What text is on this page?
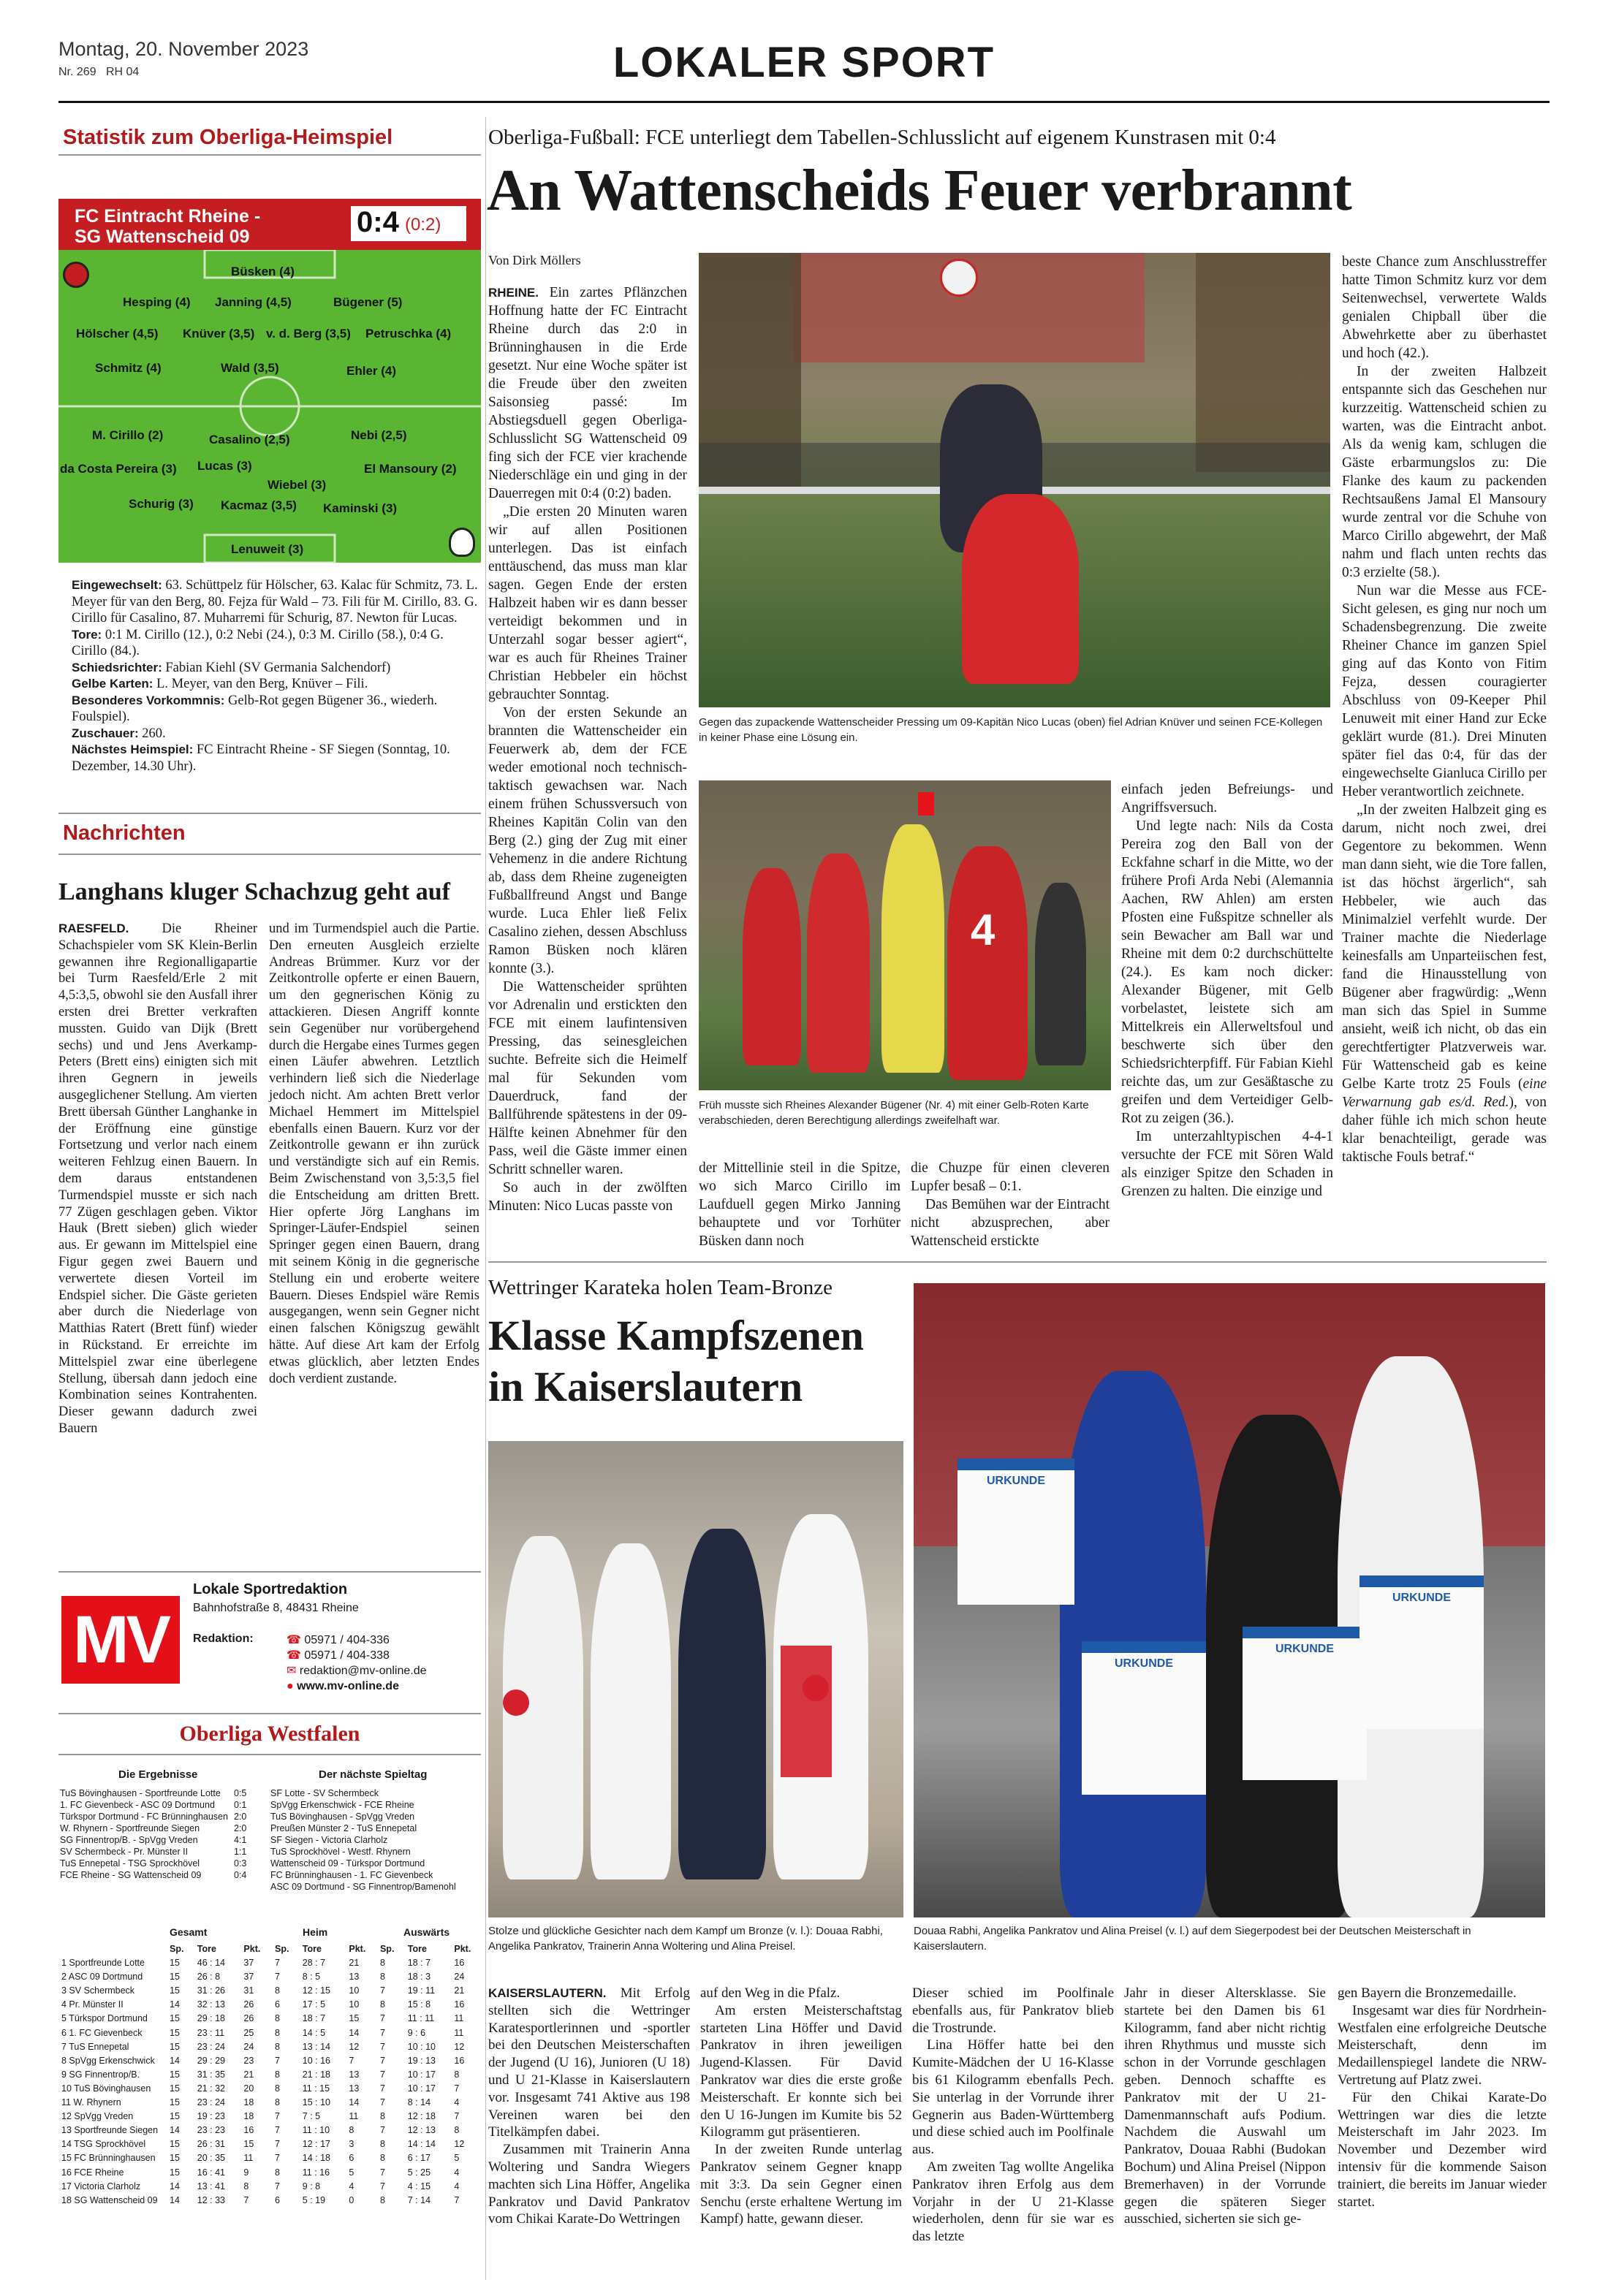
Montag, 20. November 2023
Nr. 269 RH 04	LOKALER SPORT
Statistik zum Oberliga-Heimspiel
FC Eintracht Rheine -
SG Wattenscheid 09	0:4 (0:2)
Büsken (4)
Hesping (4) Janning (4,5)	Bügener (5)
Hölscher (4,5) Knüver (3,5) v. d. Berg (3,5) Petruschka (4)
Schmitz (4)	Wald (3,5)	Ehler (4)
M. Cirillo (2)	Casalino (2,5)	Nebi (2,5)
da Costa Pereira (3) Lucas (3)	El Mansoury (2)
Wiebel (3)
Schurig (3) Kacmaz (3,5) Kaminski (3)
Lenuweit (3)
Eingewechselt: 63. Schüttpelz für Hölscher, 63. Kalac für Schmitz, 73. L. Meyer für van den Berg, 80. Fejza für Wald – 73. Fili für M. Cirillo, 83. G. Cirillo für Casalino, 87. Muharremi für Schurig, 87. Newton für Lucas.
Tore: 0:1 M. Cirillo (12.), 0:2 Nebi (24.), 0:3 M. Cirillo (58.), 0:4 G. Cirillo (84.).
Schiedsrichter: Fabian Kiehl (SV Germania Salchendorf)
Gelbe Karten: L. Meyer, van den Berg, Knüver – Fili.
Besonderes Vorkommnis: Gelb-Rot gegen Bügener 36., wiederh. Foulspiel).
Zuschauer: 260.
Nächstes Heimspiel: FC Eintracht Rheine - SF Siegen (Sonntag, 10. Dezember, 14.30 Uhr).
Nachrichten
Langhans kluger Schachzug geht auf
RAESFELD. Die Rheiner Schachspieler vom SK Klein-Berlin gewannen ihre Regionalligapartie bei Turm Raesfeld/Erle 2 mit 4,5:3,5, obwohl sie den Ausfall ihrer ersten drei Bretter verkraften mussten. Guido van Dijk (Brett sechs) und und Jens Averkamp-Peters (Brett eins) einigten sich mit ihren Gegnern in jeweils ausgeglichener Stellung. Am vierten Brett übersah Günther Langhanke in der Eröffnung eine günstige Fortsetzung und verlor nach einem weiteren Fehlzug einen Bauern. In dem daraus entstandenen Turmendspiel musste er sich nach 77 Zügen geschlagen geben. Viktor Hauk (Brett sieben) glich wieder aus. Er gewann im Mittelspiel eine Figur gegen zwei Bauern und verwertete diesen Vorteil im Endspiel sicher. Die Gäste gerieten aber durch die Niederlage von Matthias Ratert (Brett fünf) wieder in Rückstand. Er erreichte im Mittelspiel zwar eine überlegene Stellung, übersah dann jedoch eine Kombination seines Kontrahenten. Dieser gewann dadurch zwei Bauern
und im Turmendspiel auch die Partie. Den erneuten Ausgleich erzielte Andreas Brümmer. Kurz vor der Zeitkontrolle opferte er einen Bauern, um den gegnerischen König zu attackieren. Diesen Angriff konnte sein Gegenüber nur vorübergehend durch die Hergabe eines Turmes gegen einen Läufer abwehren. Letztlich verhindern ließ sich die Niederlage jedoch nicht. Am achten Brett verlor Michael Hemmert im Mittelspiel ebenfalls einen Bauern. Kurz vor der Zeitkontrolle gewann er ihn zurück und verständigte sich auf ein Remis. Beim Zwischenstand von 3,5:3,5 fiel die Entscheidung am dritten Brett. Hier opferte Jörg Langhans im Springer-Läufer-Endspiel seinen Springer gegen einen Bauern, drang mit seinem König in die gegnerische Stellung ein und eroberte weitere Bauern. Dieses Endspiel wäre Remis ausgegangen, wenn sein Gegner nicht einen falschen Königszug gewählt hätte. Auf diese Art kam der Erfolg etwas glücklich, aber letzten Endes doch verdient zustande.
MV
Lokale Sportredaktion
Bahnhofstraße 8, 48431 Rheine
Redaktion:	☎ 05971 / 404-336
☎ 05971 / 404-338
✉ redaktion@mv-online.de
● www.mv-online.de
Oberliga Westfalen
Die Ergebnisse	Der nächste Spieltag
TuS Bövinghausen - Sportfreunde Lotte	0:5
1. FC Gievenbeck - ASC 09 Dortmund	0:1
Türkspor Dortmund - FC Brünninghausen	2:0
W. Rhynern - Sportfreunde Siegen	2:0
SG Finnentrop/B. - SpVgg Vreden	4:1
SV Schermbeck - Pr. Münster II	1:1
TuS Ennepetal - TSG Sprockhövel	0:3
FCE Rheine - SG Wattenscheid 09	0:4
SF Lotte - SV Schermbeck	
SpVgg Erkenschwick - FCE Rheine	
TuS Bövinghausen - SpVgg Vreden	
Preußen Münster 2 - TuS Ennepetal	
SF Siegen - Victoria Clarholz	
TuS Sprockhövel - Westf. Rhynern	
Wattenscheid 09 - Türkspor Dortmund	
FC Brünninghausen - 1. FC Gievenbeck	
ASC 09 Dortmund - SG Finnentrop/Bamenohl	
Gesamt	Heim	Auswärts
	Sp.	Tore	Pkt.	Sp.	Tore	Pkt.	Sp.	Tore	Pkt.
1 Sportfreunde Lotte	15	46 : 14	37	7	28 : 7	21	8	18 : 7	16
2 ASC 09 Dortmund	15	26 : 8	37	7	8 : 5	13	8	18 : 3	24
3 SV Schermbeck	15	31 : 26	31	8	12 : 15	10	7	19 : 11	21
4 Pr. Münster II	14	32 : 13	26	6	17 : 5	10	8	15 : 8	16
5 Türkspor Dortmund	15	29 : 18	26	8	18 : 7	15	7	11 : 11	11
6 1. FC Gievenbeck	15	23 : 11	25	8	14 : 5	14	7	9 : 6	11
7 TuS Ennepetal	15	23 : 24	24	8	13 : 14	12	7	10 : 10	12
8 SpVgg Erkenschwick	14	29 : 29	23	7	10 : 16	7	7	19 : 13	16
9 SG Finnentrop/B.	15	31 : 35	21	8	21 : 18	13	7	10 : 17	8
10 TuS Bövinghausen	15	21 : 32	20	8	11 : 15	13	7	10 : 17	7
11 W. Rhynern	15	23 : 24	18	8	15 : 10	14	7	8 : 14	4
12 SpVgg Vreden	15	19 : 23	18	7	7 : 5	11	8	12 : 18	7
13 Sportfreunde Siegen	14	23 : 23	16	7	11 : 10	8	7	12 : 13	8
14 TSG Sprockhövel	15	26 : 31	15	7	12 : 17	3	8	14 : 14	12
15 FC Brünninghausen	15	20 : 35	11	7	14 : 18	6	8	6 : 17	5
16 FCE Rheine	15	16 : 41	9	8	11 : 16	5	7	5 : 25	4
17 Victoria Clarholz	14	13 : 41	8	7	9 : 8	4	7	4 : 15	4
18 SG Wattenscheid 09	14	12 : 33	7	6	5 : 19	0	8	7 : 14	7
Oberliga-Fußball: FCE unterliegt dem Tabellen-Schlusslicht auf eigenem Kunstrasen mit 0:4
An Wattenscheids Feuer verbrannt
Von Dirk Möllers

RHEINE. Ein zartes Pflänzchen Hoffnung hatte der FC Eintracht Rheine durch das 2:0 in Brünninghausen in die Erde gesetzt. Nur eine Woche später ist die Freude über den zweiten Saisonsieg passé: Im Abstiegsduell gegen Oberliga-Schlusslicht SG Wattenscheid 09 fing sich der FCE vier krachende Niederschläge ein und ging in der Dauerregen mit 0:4 (0:2) baden.

„Die ersten 20 Minuten waren wir auf allen Positionen unterlegen. Das ist einfach enttäuschend, das muss man klar sagen. Gegen Ende der ersten Halbzeit haben wir es dann besser verteidigt bekommen und in Unterzahl sogar besser agiert“, war es auch für Rheines Trainer Christian Hebbeler ein höchst gebrauchter Sonntag.

Von der ersten Sekunde an brannten die Wattenscheider ein Feuerwerk ab, dem der FCE weder emotional noch technisch-taktisch gewachsen war. Nach einem frühen Schussversuch von Rheines Kapitän Colin van den Berg (2.) ging der Zug mit einer Vehemenz in die andere Richtung ab, dass dem Rheine zugeneigten Fußballfreund Angst und Bange wurde. Luca Ehler ließ Felix Casalino ziehen, dessen Abschluss Ramon Büsken noch klären konnte (3.).

Die Wattenscheider sprühten vor Adrenalin und erstickten den FCE mit einem laufintensiven Pressing, das seinesgleichen suchte. Befreite sich die Heimelf mal für Sekunden vom Dauerdruck, fand der Ballführende spätestens in der 09-Hälfte keinen Abnehmer für den Pass, weil die Gäste immer einen Schritt schneller waren.

So auch in der zwölften Minuten: Nico Lucas passte von

Gegen das zupackende Wattenscheider Pressing um 09-Kapitän Nico Lucas (oben) fiel Adrian Knüver und seinen FCE-Kollegen in keiner Phase eine Lösung ein.
4
Früh musste sich Rheines Alexander Bügener (Nr. 4) mit einer Gelb-Roten Karte verabschieden, deren Berechtigung allerdings zweifelhaft war.

der Mittellinie steil in die Spitze, wo sich Marco Cirillo im Laufduell gegen Mirko Janning behauptete und vor Torhüter Büsken dann noch

die Chuzpe für einen cleveren Lupfer besaß – 0:1.

Das Bemühen war der Eintracht nicht abzusprechen, aber Wattenscheid erstickte

einfach jeden Befreiungs- und Angriffsversuch.

Und legte nach: Nils da Costa Pereira zog den Ball von der Eckfahne scharf in die Mitte, wo der frühere Profi Arda Nebi (Alemannia Aachen, RW Ahlen) am ersten Pfosten eine Fußspitze schneller als sein Bewacher am Ball war und Rheine mit dem 0:2 durchschüttelte (24.). Es kam noch dicker: Alexander Bügener, mit Gelb vorbelastet, leistete sich am Mittelkreis ein Allerweltsfoul und beschwerte sich über den Schiedsrichterpfiff. Für Fabian Kiehl reichte das, um zur Gesäßtasche zu greifen und dem Verteidiger Gelb-Rot zu zeigen (36.).

Im unterzahltypischen 4-4-1 versuchte der FCE mit Sören Wald als einziger Spitze den Schaden in Grenzen zu halten. Die einzige und

beste Chance zum Anschlusstreffer hatte Timon Schmitz kurz vor dem Seitenwechsel, verwertete Walds genialen Chipball über die Abwehrkette aber zu überhastet und hoch (42.).

In der zweiten Halbzeit entspannte sich das Geschehen nur kurzzeitig. Wattenscheid schien zu warten, was die Eintracht anbot. Als da wenig kam, schlugen die Gäste erbarmungslos zu: Die Flanke des kaum zu packenden Rechtsaußens Jamal El Mansoury wurde zentral vor die Schuhe von Marco Cirillo abgewehrt, der Maß nahm und flach unten rechts das 0:3 erzielte (58.).

Nun war die Messe aus FCE-Sicht gelesen, es ging nur noch um Schadensbegrenzung. Die zweite Rheiner Chance im ganzen Spiel ging auf das Konto von Fitim Fejza, dessen couragierter Abschluss von 09-Keeper Phil Lenuweit mit einer Hand zur Ecke geklärt wurde (81.). Drei Minuten später fiel das 0:4, für das der eingewechselte Gianluca Cirillo per Heber verantwortlich zeichnete.

„In der zweiten Halbzeit ging es darum, nicht noch zwei, drei Gegentore zu bekommen. Wenn man dann sieht, wie die Tore fallen, ist das höchst ärgerlich“, sah Hebbeler, wie auch das Minimalziel verfehlt wurde. Der Trainer machte die Niederlage keinesfalls am Unparteiischen fest, fand die Hinausstellung von Bügener aber fragwürdig: „Wenn man sich das Spiel in Summe ansieht, weiß ich nicht, ob das ein gerechtfertigter Platzverweis war. Für Wattenscheid gab es keine Gelbe Karte trotz 25 Fouls (eine Verwarnung gab es/d. Red.), von daher fühle ich mich schon heute klar benachteiligt, gerade was taktische Fouls betraf.“

Wettringer Karateka holen Team-Bronze
Klasse Kampfszenen
in Kaiserslautern
Stolze und glückliche Gesichter nach dem Kampf um Bronze (v. l.): Douaa Rabhi, Angelika Pankratov, Trainerin Anna Woltering und Alina Preisel.
URKUNDE
URKUNDE
URKUNDE
URKUNDE
Douaa Rabhi, Angelika Pankratov und Alina Preisel (v. l.) auf dem Siegerpodest bei der Deutschen Meisterschaft in Kaiserslautern.

KAISERSLAUTERN. Mit Erfolg stellten sich die Wettringer Karatesportlerinnen und -sportler bei den Deutschen Meisterschaften der Jugend (U 16), Junioren (U 18) und U 21-Klasse in Kaiserslautern vor. Insgesamt 741 Aktive aus 198 Vereinen waren bei den Titelkämpfen dabei.

Zusammen mit Trainerin Anna Woltering und Sandra Wiegers machten sich Lina Höffer, Angelika Pankratov und David Pankratov vom Chikai Karate-Do Wettringen

auf den Weg in die Pfalz.

Am ersten Meisterschaftstag starteten Lina Höffer und David Pankratov in ihren jeweiligen Jugend-Klassen. Für David Pankratov war dies die erste große Meisterschaft. Er konnte sich bei den U 16-Jungen im Kumite bis 52 Kilogramm gut präsentieren.

In der zweiten Runde unterlag Pankratov seinem Gegner knapp mit 3:3. Da sein Gegner einen Senchu (erste erhaltene Wertung im Kampf) hatte, gewann dieser.

Dieser schied im Poolfinale ebenfalls aus, für Pankratov blieb die Trostrunde.

Lina Höffer hatte bei den Kumite-Mädchen der U 16-Klasse bis 61 Kilogramm ebenfalls Pech. Sie unterlag in der Vorrunde ihrer Gegnerin aus Baden-Württemberg und diese schied auch im Poolfinale aus.

Am zweiten Tag wollte Angelika Pankratov ihren Erfolg aus dem Vorjahr in der U 21-Klasse wiederholen, denn für sie war es das letzte

Jahr in dieser Altersklasse. Sie startete bei den Damen bis 61 Kilogramm, fand aber nicht richtig ihren Rhythmus und musste sich schon in der Vorrunde geschlagen geben. Dennoch schaffte es Pankratov mit der U 21-Damenmannschaft aufs Podium. Nachdem die Auswahl um Pankratov, Douaa Rabhi (Budokan Bochum) und Alina Preisel (Nippon Bremerhaven) in der Vorrunde gegen die späteren Sieger ausschied, sicherten sie sich ge-

gen Bayern die Bronzemedaille.

Insgesamt war dies für Nordrhein-Westfalen eine erfolgreiche Deutsche Meisterschaft, denn im Medaillenspiegel landete die NRW-Vertretung auf Platz zwei.

Für den Chikai Karate-Do Wettringen war dies die letzte Meisterschaft im Jahr 2023. Im November und Dezember wird intensiv für die kommende Saison trainiert, die bereits im Januar wieder startet.
